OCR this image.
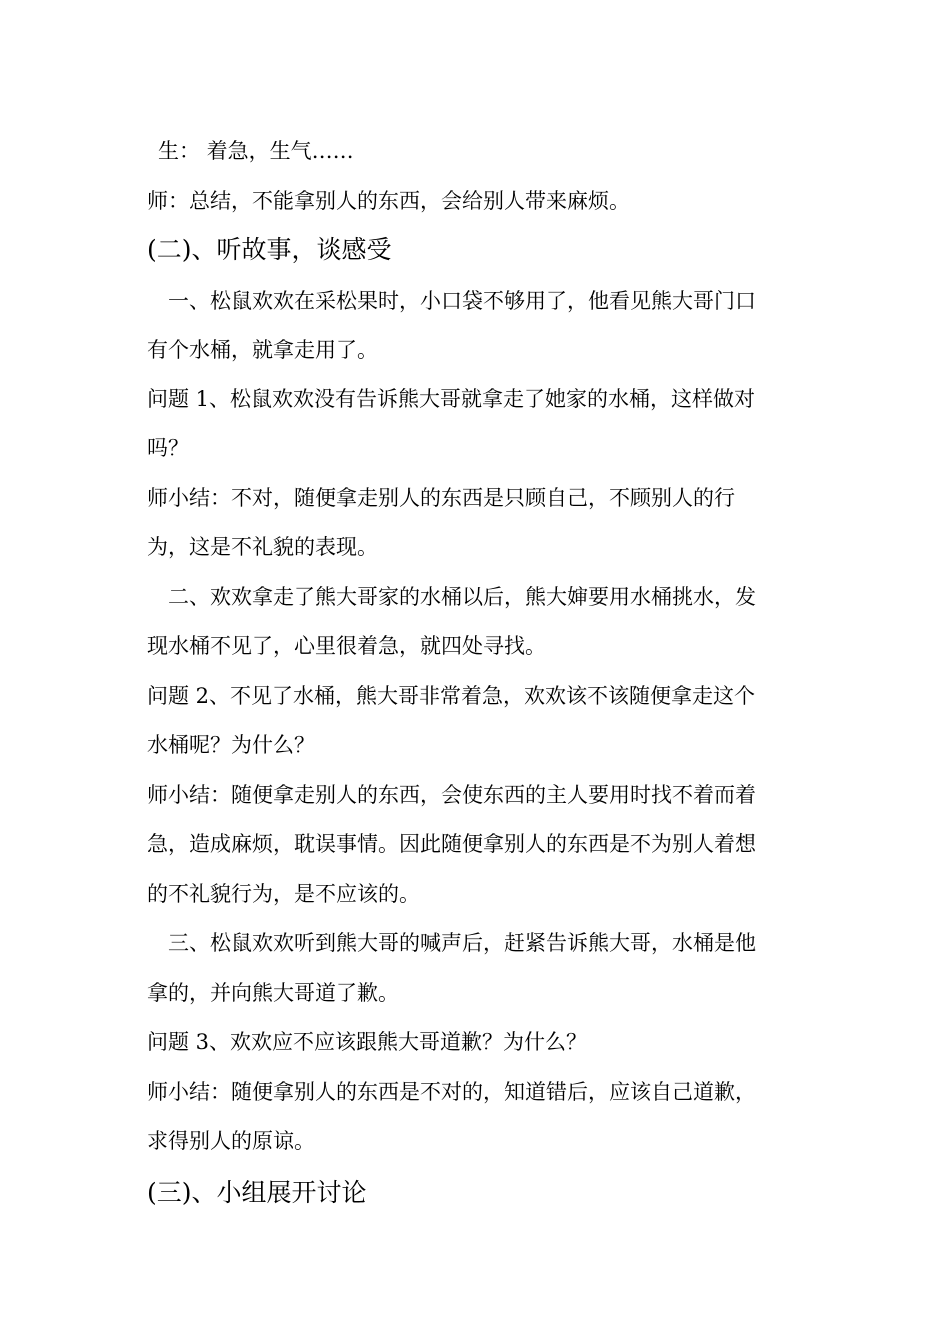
生： 着急，生气……
师：总结，不能拿别人的东西，会给别人带来麻烦。
(二)、听故事，谈感受
一、松鼠欢欢在采松果时，小口袋不够用了，他看见熊大哥门口
有个水桶，就拿走用了。
问题 1、松鼠欢欢没有告诉熊大哥就拿走了她家的水桶，这样做对
吗？
师小结：不对，随便拿走别人的东西是只顾自己，不顾别人的行
为，这是不礼貌的表现。
二、欢欢拿走了熊大哥家的水桶以后，熊大婶要用水桶挑水，发
现水桶不见了，心里很着急，就四处寻找。
问题 2、不见了水桶，熊大哥非常着急，欢欢该不该随便拿走这个
水桶呢？为什么？
师小结：随便拿走别人的东西，会使东西的主人要用时找不着而着
急，造成麻烦，耽误事情。因此随便拿别人的东西是不为别人着想
的不礼貌行为，是不应该的。
三、松鼠欢欢听到熊大哥的喊声后，赶紧告诉熊大哥，水桶是他
拿的，并向熊大哥道了歉。
问题 3、欢欢应不应该跟熊大哥道歉？为什么？
师小结：随便拿别人的东西是不对的，知道错后，应该自己道歉，
求得别人的原谅。
(三)、小组展开讨论
